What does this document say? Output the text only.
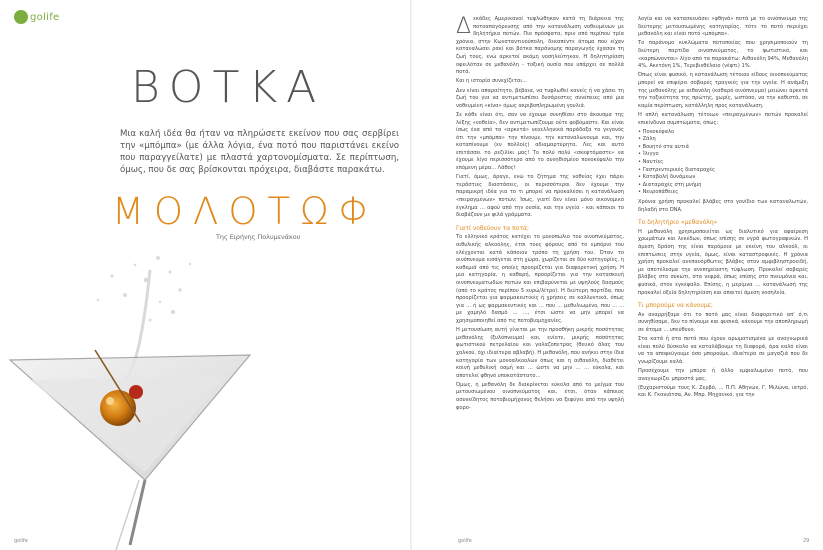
golife
ΒΟΤΚΑ
Μια καλή ιδέα θα ήταν να πληρώσετε εκείνον που σας σερβίρει την «μπόμπα» (με άλλα λόγια, ένα ποτό που παριστάνει εκείνο που παραγγείλατε) με πλαστά χαρτονομίσματα. Σε περίπτωση, όμως, που δε σας βρίσκονται πρόχειρα, διαβάστε παρακάτω.
ΜΟΛΟΤΩΦ
Της Ειρήνης Πολυμενάκου
golife

Δεκάδες Αμερικανοί τυφλώθηκαν κατά τη διάρκεια της ποτοαπαγόρευσης από την κατανάλωση νοθευμένων με δηλητήρια ποτών. Πιο πρόσφατα, πριν από περίπου τρία χρόνια, στην Κωνσταντινούπολη, δεκαπέντε άτομα που είχαν καταναλώσει ρακί και βότκα παράνομης παραγωγής έχασαν τη ζωή τους, ενώ αρκετοί ακόμη νοσηλεύτηκαν. Η δηλητηρίαση οφειλόταν σε μεθανόλη - τοξική ουσία που υπάρχει σε πολλά ποτά.

Και η ιστορία συνεχίζεται...

Δεν είναι απαραίτητο, βέβαια, να τυφλωθεί κανείς ή να χάσει τη ζωή του για να αντιμετωπίσει δυσάρεστες συνέπειες από μια νοθευμένη «κίνα» όμως ακριβοπληρωμένη γουλιά.

Σε κάθε είναι ότι, σαν να έχουμε συνηθίσει στο άκουσμα της λέξης «νοθεία», δεν αντιμετωπίζουμε ούτε φοβόμαστε. Και είναι ίσως ένα από τα «αρκετά» νεοελληνικά παράδοξα το γεγονός ότι την «μπόμπα» την πίνουμε, την καταναλώνουμε και, την καταπίνουμε (εν πολλοίς) αδιαμαρτύρητα. Λες και αυτό επιτάσσει το ρεζιλίκι μας! Το πολύ πολύ «σκεφτόμαστε» να έχουμε λίγο περισσότερο από το συνηθισμένο πονοκέφαλο την επόμενη μέρα... Λάθος!

Γιατί, όμως, άραγε, ενώ το ζήτημα της νοθείας έχει πάρει τεράστιες διαστάσεις, οι περισσότεροι δεν έχουμε την παραμικρή ιδέα για το τι μπορεί να προκαλέσει η κατανάλωση «πειραγμένων» ποτών; Ίσως, γιατί δεν είναι μόνο οικονομικό έγκλημα ... αφού από την ουσία, και την υγεία - και κάποιοι το διαβάζουν με ψιλά γράμματα.

Γιατί νοθεύουν τα ποτά;

Το ελληνικό κράτος κατέχει το μονοπώλιο του οινοπνεύματος, αιθυλικής αλκοόλης, έτσι τους φόρους από το εμπόριο του ελέγχονται κατά κάποιον τρόπο τη χρήση του. Όταν το οινόπνευμα εισάγεται στη χώρα, χωρίζεται σε δύο κατηγορίες, η καθεμιά από τις οποίες προορίζεται για διαφορετική χρήση. Η μια κατηγορία, η καθαρή, προορίζεται για την κατασκευή οινοπνευματωδών ποτών και επιβαρύνεται με υψηλούς δασμούς (από το κράτος περίπου 5 ευρώ/λίτρο). Η δεύτερη παρτίδα, που προορίζεται για φαρμακευτικές ή χρήσεις σε καλλυντικά, όπως για ... ή ως φαρμακευτικές και ... που ... μεθυλιωμένο, που ... ... με χαμηλό δασμό ... ..., έτσι ώστε να μην μπορεί να χρησιμοποιηθεί από τις ποτοβιομηχανίες.

Η μετουσίωση αυτή γίνεται με την προσθήκη μικρής ποσότητας μεθανόλης (ξυλόπνευμα) και, ενίοτε, μικρής ποσότητας φωτιστικού πετρελαίου και γαλαζοπετρας (θειικό άλας του χαλκού, όχι ιδιαίτερα αβλαβή). Η μεθανόλη, που ανήκει στην ίδια κατηγορία των μονοαλκοολών όπως και η αιθανόλη, διαθέτει κοινή μεθυλική οσμή και ... ώστε να μην ... ... εύκολα, και αποτελεί φθηνό υποκατάστατο...

Όμως, η μεθανόλη δε διακρίνεται εύκολα από το μείγμα του μετουσιωμένου οινοπνεύματος και, έτσι, όταν κάποιος ασυνείδητος ποτοβιομήχανος θελήσει να ξεφύγει από την υψηλή φορο-

λογία και να κατασκευάσει «φθηνά» ποτά με το οινόπνευμα της δεύτερης μετουσιωμένης κατηγορίας, τότε το ποτό περιέχει μεθανόλη και είναι ποτό «μπόμπα».

Το παράνομο κυκλώματα ποτοποιίας που χρησιμοποιούν τη δεύτερη παρτίδα οινοπνεύματος, το φωτιστικό, και «καρπώνονται» λίγο από τα παρακάτω: Αιθανόλη 94%, Μεθανόλη 4%, Ακετόνη 1%, Τερεβινθέλαιο (νέφτι) 1%.

Όπως είναι φυσικό, η κατανάλωση τέτοιου είδους οινοπνεύματος μπορεί να επιφέρει σοβαρές τραγικές για την υγεία. Η ανάμιξη της μεθανόλης με αιθανόλη (καθαρό οινόπνευμα) μειώνει αρκετά την τοξικότητα της πρώτης, χωρίς, ωστόσο, να την καθιστά, σε καμία περίπτωση, κατάλληλη προς κατανάλωση.

Η απλή κατανάλωση τέτοιων «πειραγμένων» ποτών προκαλεί επικίνδυνα συμπτώματα, όπως:

• Πονοκέφαλο
• Ζάλη
• Βουητό στα αυτιά
• Ίλιγγο
• Ναυτίες
• Γαστρεντερικές διαταραχές
• Καταβολή δυνάμεων
• Διαταραχές στη μνήμη
• Νευροπάθειες

Χρόνια χρήση προκαλεί βλάβες στο γονίδιο των καταναλωτών, δηλαδή στο DNA.

Το δηλητήριο «μεθανόλη»

Η μεθανόλη χρησιμοποιείται ως διαλυτικό για αφαίρεση χρωμάτων και λεκέδων, όπως επίσης σε υγρά φωτογραφικών. Η άμεση δράση της είναι παρόμοια με εκείνη του αλκοόλ, οι επιπτώσεις στην υγεία, όμως, είναι καταστροφικές. Η χρόνια χρήση προκαλεί ανεπανόρθωτες βλάβες στον αμφιβληστροειδή, με αποτέλεσμα την ανεπηρέαστη τύφλωση. Προκαλεί σοβαρές βλάβες στο συκώτι, στα νεφρά, όπως επίσης στο πνευμόνια και, φυσικά, στον εγκέφαλο. Επίσης, η μερίμνα ... κατανάλωσή της προκαλεί οξεία δηλητηρίαση και απαιτεί άμεση νοσηλεία.

Τι μπορούμε να κάνουμε;

Αν αναρρήξαμε ότι το ποτό μας είναι διαφορετικό απ' ό,τι συνηθίσαμε, δεν το πίνουμε και φυσικά, κάνουμε την αποπληρωμή σε άτομα ... υπεύθυνο.

Στα κατά ή στα ποτά που έχουν αρωματισμένα με αναγνωρικά είναι πολύ δύσκολο να καταλάβουμε τη διαφορά, άρα καλό είναι να τα αποφεύγουμε όσο μπορούμε, ιδιαίτερα σε μαγαζιά που δε γνωρίζουμε καλά.

Προσέχουμε την μπύρα ή άλλο εμφιαλωμένο ποτό, που αναγνωρίζει μπροστά μας.

(Ευχαριστούμε τους Κ. Ζερβό, ... Π.Π. Αθηνών, Γ. Μιλώνα, ιατρό, και Κ. Γκανιάτσα, Αν. Μπρ. Μηχανικό, για την

golife	29
